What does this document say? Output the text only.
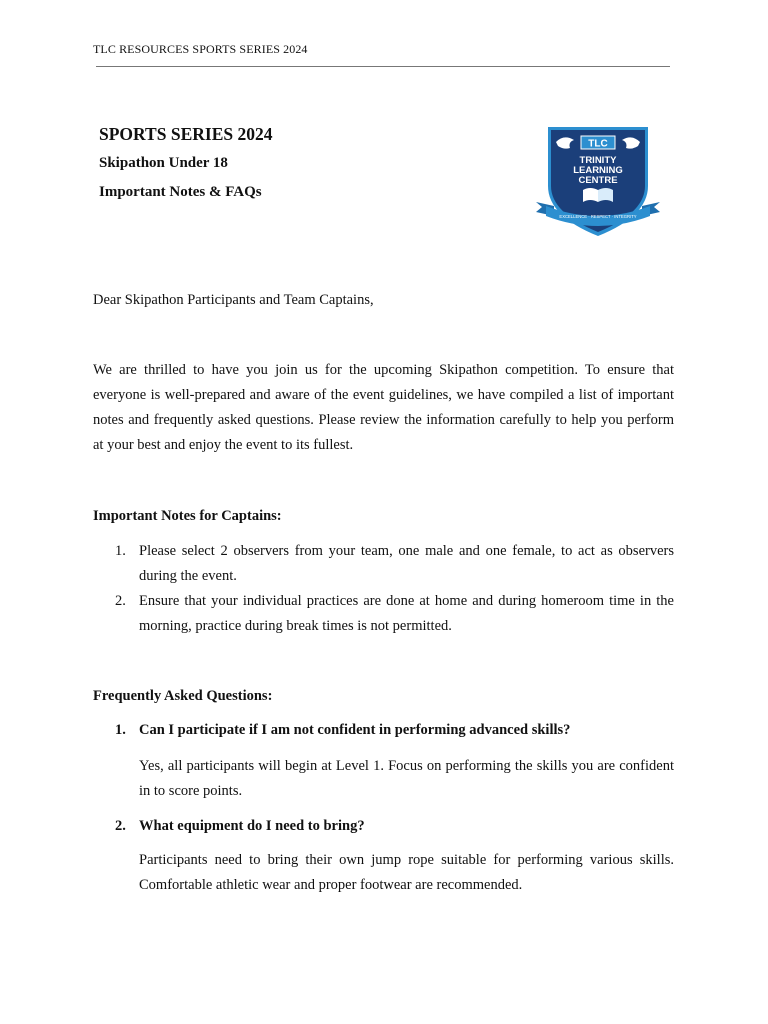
TLC RESOURCES SPORTS SERIES 2024
SPORTS SERIES 2024
Skipathon Under 18
Important Notes & FAQs
TLC
TRINITY
LEARNING
CENTRE
EXCELLENCE · RESPECT · INTEGRITY
Dear Skipathon Participants and Team Captains,
We are thrilled to have you join us for the upcoming Skipathon competition. To ensure that everyone is well-prepared and aware of the event guidelines, we have compiled a list of important notes and frequently asked questions. Please review the information carefully to help you perform at your best and enjoy the event to its fullest.
Important Notes for Captains:
1. Please select 2 observers from your team, one male and one female, to act as observers during the event.
2. Ensure that your individual practices are done at home and during homeroom time in the morning, practice during break times is not permitted.
Frequently Asked Questions:
1. Can I participate if I am not confident in performing advanced skills?
Yes, all participants will begin at Level 1. Focus on performing the skills you are confident in to score points.
2. What equipment do I need to bring?
Participants need to bring their own jump rope suitable for performing various skills. Comfortable athletic wear and proper footwear are recommended.
